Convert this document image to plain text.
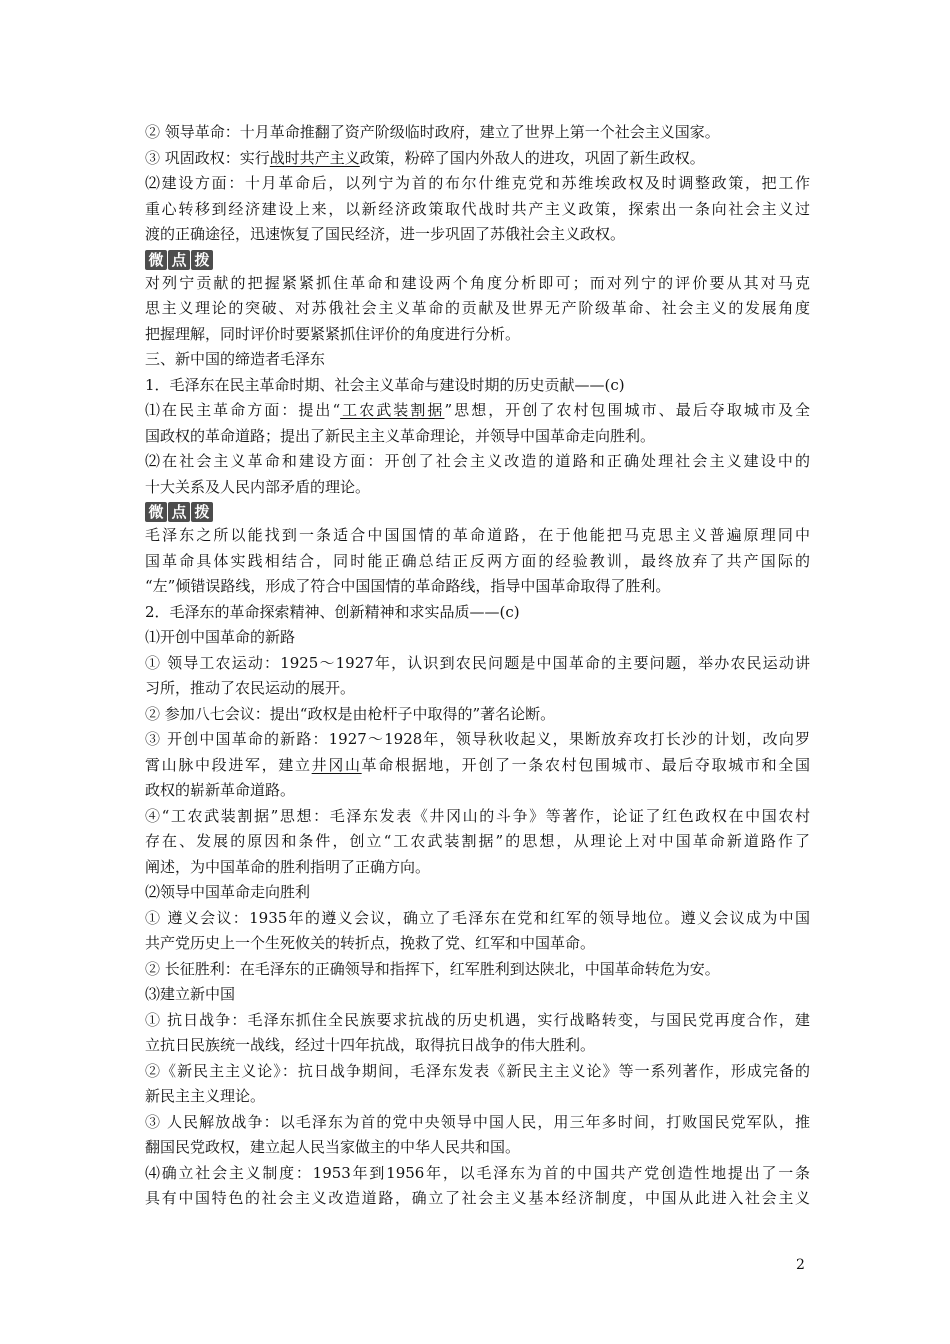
② 领导革命：十月革命推翻了资产阶级临时政府，建立了世界上第一个社会主义国家。
③ 巩固政权：实行战时共产主义政策，粉碎了国内外敌人的进攻，巩固了新生政权。
⑵建设方面：十月革命后，以列宁为首的布尔什维克党和苏维埃政权及时调整政策，把工作
重心转移到经济建设上来，以新经济政策取代战时共产主义政策，探索出一条向社会主义过
渡的正确途径，迅速恢复了国民经济，进一步巩固了苏俄社会主义政权。
微 点 拨
对列宁贡献的把握紧紧抓住革命和建设两个角度分析即可；而对列宁的评价要从其对马克
思主义理论的突破、对苏俄社会主义革命的贡献及世界无产阶级革命、社会主义的发展角度
把握理解，同时评价时要紧紧抓住评价的角度进行分析。
三、新中国的缔造者毛泽东
1．毛泽东在民主革命时期、社会主义革命与建设时期的历史贡献——(c)
⑴在民主革命方面：提出“工农武装割据”思想，开创了农村包围城市、最后夺取城市及全
国政权的革命道路；提出了新民主主义革命理论，并领导中国革命走向胜利。
⑵在社会主义革命和建设方面：开创了社会主义改造的道路和正确处理社会主义建设中的
十大关系及人民内部矛盾的理论。
微 点 拨
毛泽东之所以能找到一条适合中国国情的革命道路，在于他能把马克思主义普遍原理同中
国革命具体实践相结合，同时能正确总结正反两方面的经验教训，最终放弃了共产国际的
“左”倾错误路线，形成了符合中国国情的革命路线，指导中国革命取得了胜利。
2．毛泽东的革命探索精神、创新精神和求实品质——(c)
⑴开创中国革命的新路
① 领导工农运动：1925～1927年，认识到农民问题是中国革命的主要问题，举办农民运动讲
习所，推动了农民运动的展开。
② 参加八七会议：提出“政权是由枪杆子中取得的”著名论断。
③ 开创中国革命的新路：1927～1928年，领导秋收起义，果断放弃攻打长沙的计划，改向罗
霄山脉中段进军，建立井冈山革命根据地，开创了一条农村包围城市、最后夺取城市和全国
政权的崭新革命道路。
④“工农武装割据”思想：毛泽东发表《井冈山的斗争》等著作，论证了红色政权在中国农村
存在、发展的原因和条件，创立“工农武装割据”的思想，从理论上对中国革命新道路作了
阐述，为中国革命的胜利指明了正确方向。
⑵领导中国革命走向胜利
① 遵义会议：1935年的遵义会议，确立了毛泽东在党和红军的领导地位。遵义会议成为中国
共产党历史上一个生死攸关的转折点，挽救了党、红军和中国革命。
② 长征胜利：在毛泽东的正确领导和指挥下，红军胜利到达陕北，中国革命转危为安。
⑶建立新中国
① 抗日战争：毛泽东抓住全民族要求抗战的历史机遇，实行战略转变，与国民党再度合作，建
立抗日民族统一战线，经过十四年抗战，取得抗日战争的伟大胜利。
②《新民主主义论》：抗日战争期间，毛泽东发表《新民主主义论》等一系列著作，形成完备的
新民主主义理论。
③ 人民解放战争：以毛泽东为首的党中央领导中国人民，用三年多时间，打败国民党军队，推
翻国民党政权，建立起人民当家做主的中华人民共和国。
⑷确立社会主义制度：1953年到1956年，以毛泽东为首的中国共产党创造性地提出了一条
具有中国特色的社会主义改造道路，确立了社会主义基本经济制度，中国从此进入社会主义
2
